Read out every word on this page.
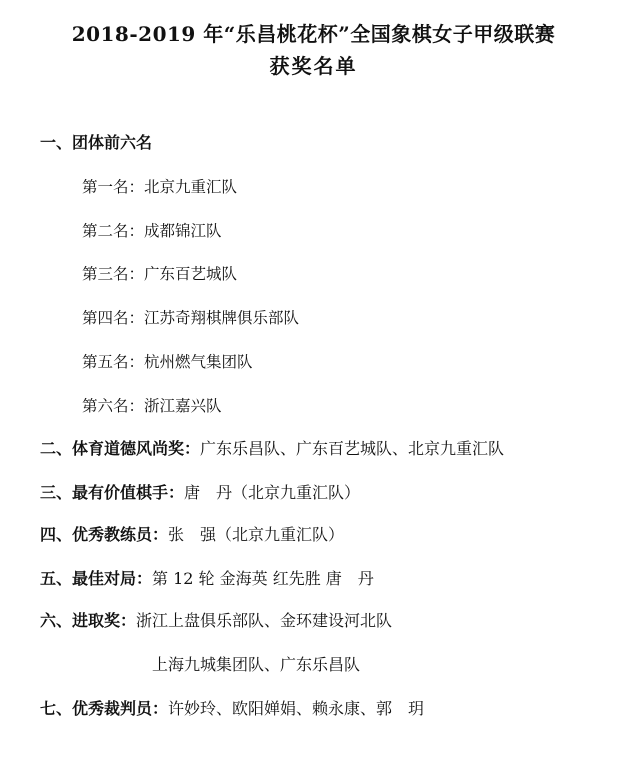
2018-2019 年“乐昌桃花杯”全国象棋女子甲级联赛
获奖名单
一、团体前六名
第一名：北京九重汇队
第二名：成都锦江队
第三名：广东百艺城队
第四名：江苏奇翔棋牌俱乐部队
第五名：杭州燃气集团队
第六名：浙江嘉兴队
二、体育道德风尚奖：广东乐昌队、广东百艺城队、北京九重汇队
三、最有价值棋手：唐　丹（北京九重汇队）
四、优秀教练员：张　强（北京九重汇队）
五、最佳对局：第 12 轮 金海英 红先胜 唐　丹
六、进取奖：浙江上盘俱乐部队、金环建设河北队
上海九城集团队、广东乐昌队
七、优秀裁判员：许妙玲、欧阳婵娟、赖永康、郭　玥
